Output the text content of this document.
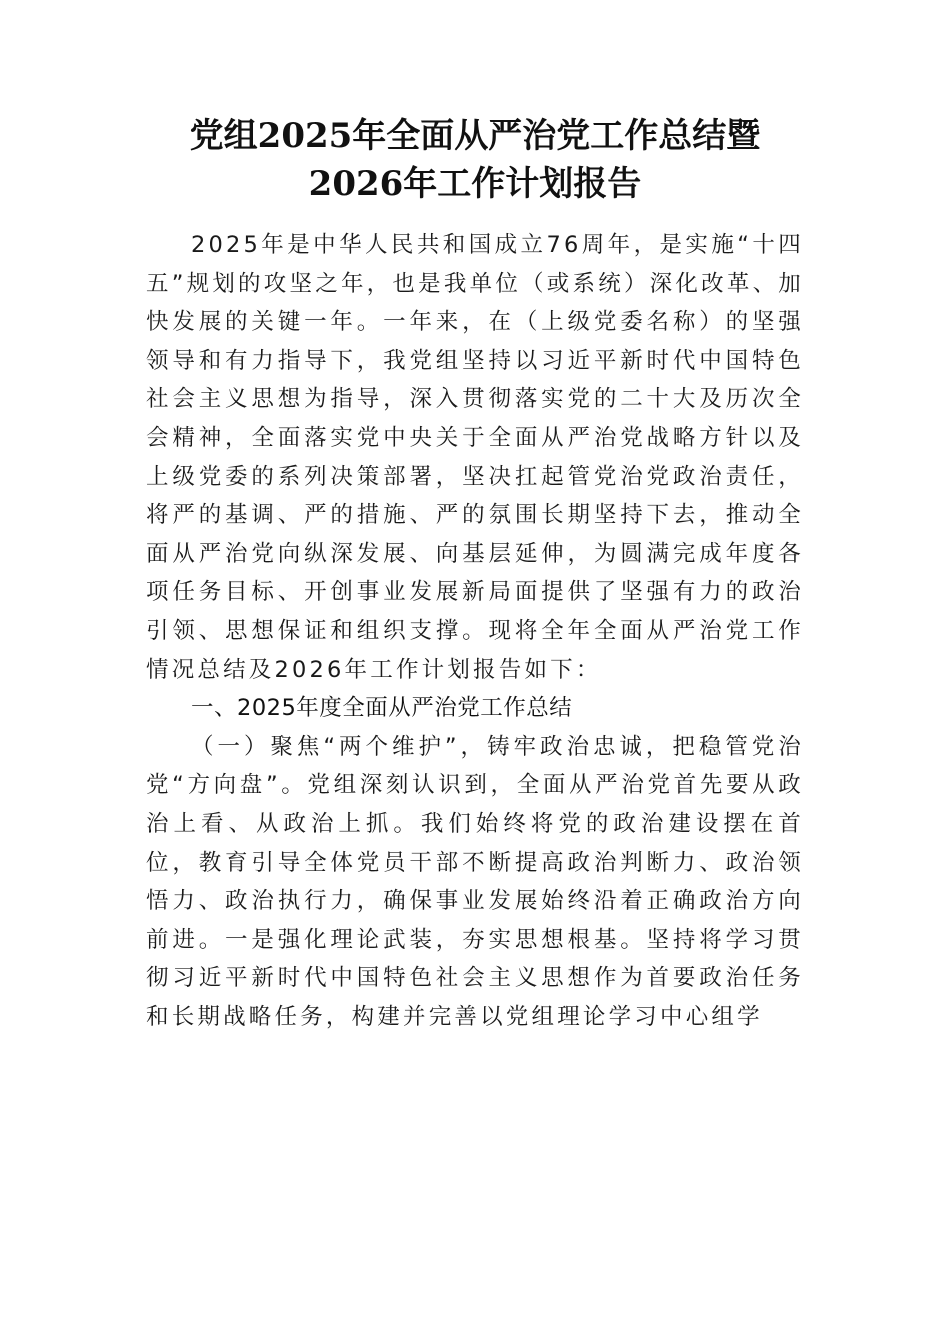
党组2025年全面从严治党工作总结暨2026年工作计划报告

2025年是中华人民共和国成立76周年，是实施“十四五”规划的攻坚之年，也是我单位（或系统）深化改革、加快发展的关键一年。一年来，在（上级党委名称）的坚强领导和有力指导下，我党组坚持以习近平新时代中国特色社会主义思想为指导，深入贯彻落实党的二十大及历次全会精神，全面落实党中央关于全面从严治党战略方针以及上级党委的系列决策部署，坚决扛起管党治党政治责任，将严的基调、严的措施、严的氛围长期坚持下去，推动全面从严治党向纵深发展、向基层延伸，为圆满完成年度各项任务目标、开创事业发展新局面提供了坚强有力的政治引领、思想保证和组织支撑。现将全年全面从严治党工作情况总结及2026年工作计划报告如下：

一、2025年度全面从严治党工作总结

（一）聚焦“两个维护”，铸牢政治忠诚，把稳管党治党“方向盘”。党组深刻认识到，全面从严治党首先要从政治上看、从政治上抓。我们始终将党的政治建设摆在首位，教育引导全体党员干部不断提高政治判断力、政治领悟力、政治执行力，确保事业发展始终沿着正确政治方向前进。一是强化理论武装，夯实思想根基。坚持将学习贯彻习近平新时代中国特色社会主义思想作为首要政治任务和长期战略任务，构建并完善以党组理论学习中心组学
